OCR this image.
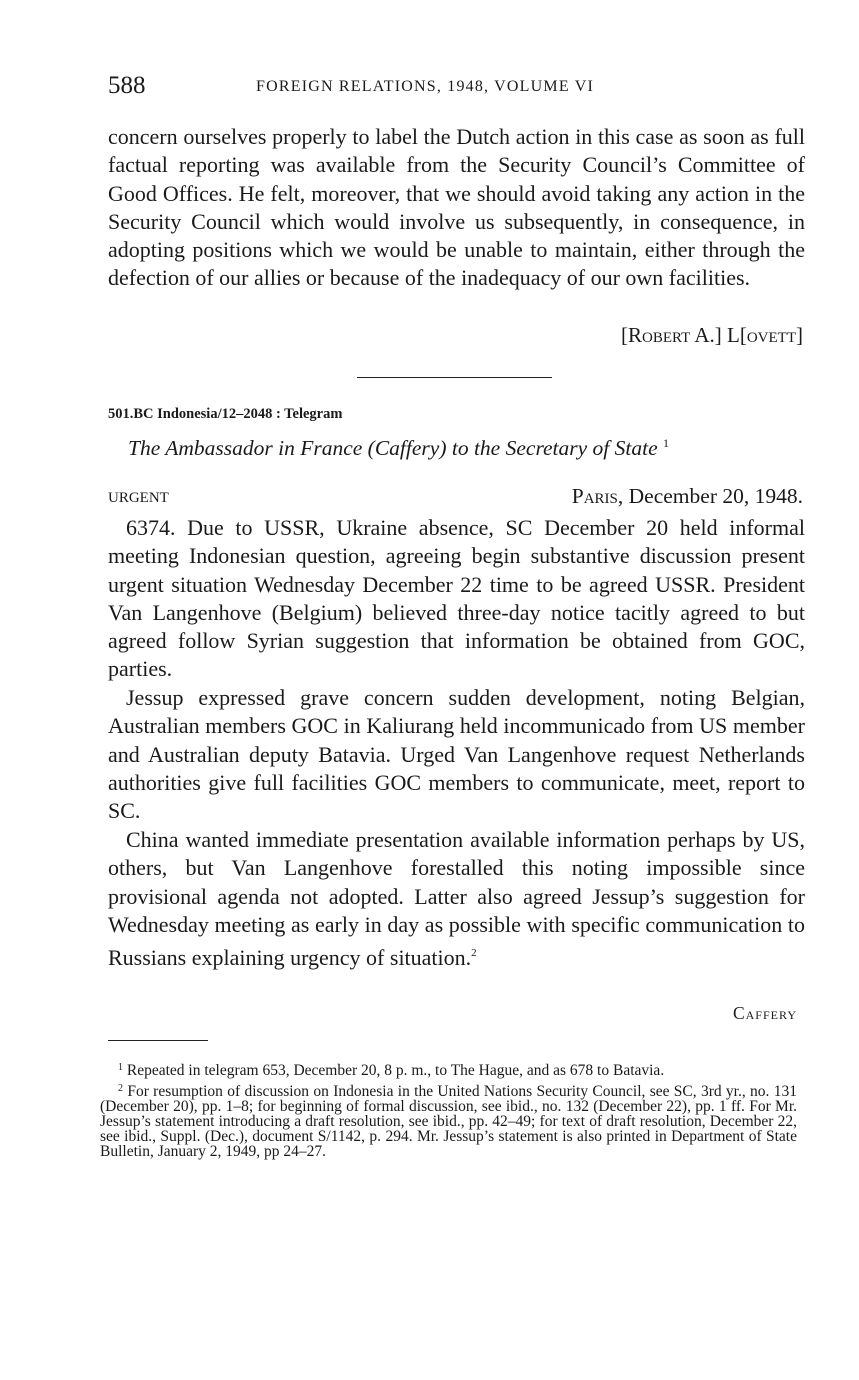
588	FOREIGN RELATIONS, 1948, VOLUME VI
concern ourselves properly to label the Dutch action in this case as soon as full factual reporting was available from the Security Council’s Committee of Good Offices. He felt, moreover, that we should avoid taking any action in the Security Council which would involve us subsequently, in consequence, in adopting positions which we would be unable to maintain, either through the defection of our allies or because of the inadequacy of our own facilities.
[Robert A.] L[ovett]
501.BC Indonesia/12–2048 : Telegram
The Ambassador in France (Caffery) to the Secretary of State $^1$
URGENT	Paris, December 20, 1948.

6374. Due to USSR, Ukraine absence, SC December 20 held informal meeting Indonesian question, agreeing begin substantive discussion present urgent situation Wednesday December 22 time to be agreed USSR. President Van Langenhove (Belgium) believed three-day notice tacitly agreed to but agreed follow Syrian suggestion that information be obtained from GOC, parties.

Jessup expressed grave concern sudden development, noting Belgian, Australian members GOC in Kaliurang held incommunicado from US member and Australian deputy Batavia. Urged Van Langenhove request Netherlands authorities give full facilities GOC members to communicate, meet, report to SC.

China wanted immediate presentation available information perhaps by US, others, but Van Langenhove forestalled this noting impossible since provisional agenda not adopted. Latter also agreed Jessup’s suggestion for Wednesday meeting as early in day as possible with specific communication to Russians explaining urgency of situation.$^2$

Caffery

$^1$ Repeated in telegram 653, December 20, 8 p. m., to The Hague, and as 678 to Batavia.

$^2$ For resumption of discussion on Indonesia in the United Nations Security Council, see SC, 3rd yr., no. 131 (December 20), pp. 1–8; for beginning of formal discussion, see ibid., no. 132 (December 22), pp. 1 ff. For Mr. Jessup’s statement introducing a draft resolution, see ibid., pp. 42–49; for text of draft resolution, December 22, see ibid., Suppl. (Dec.), document S/1142, p. 294. Mr. Jessup’s statement is also printed in Department of State Bulletin, January 2, 1949, pp 24–27.
